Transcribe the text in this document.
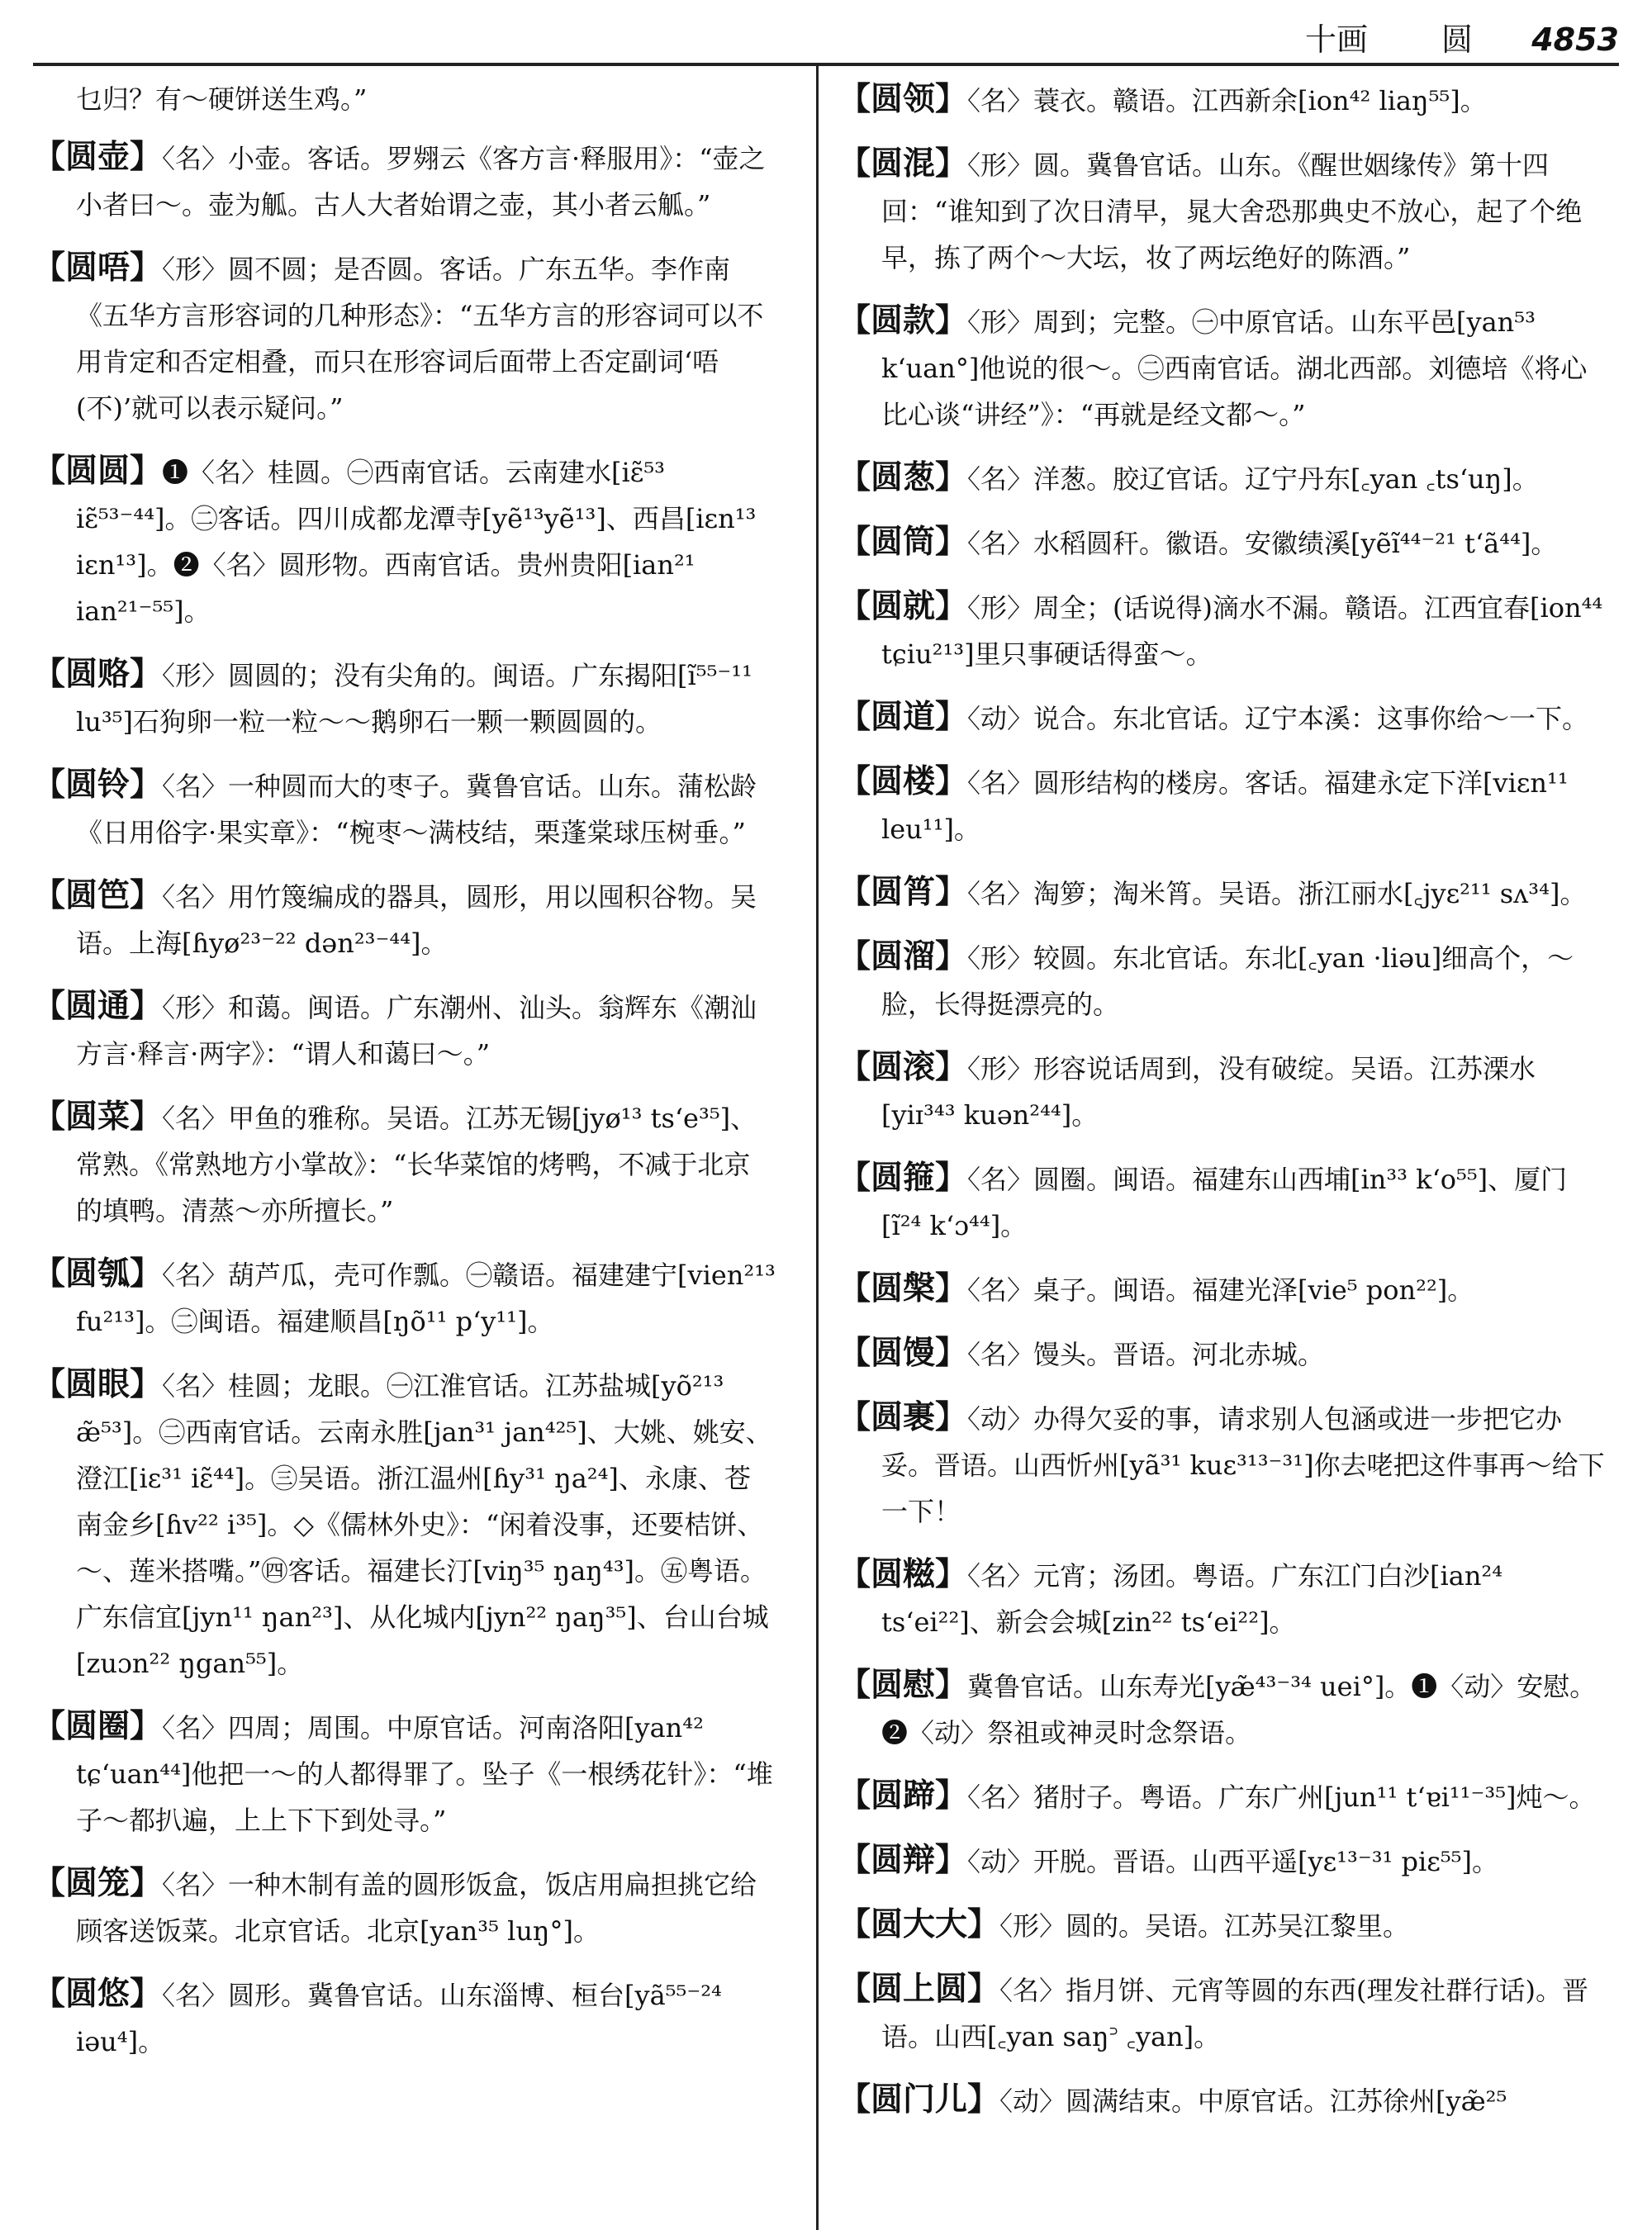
十画 圆 4853

乜归？有～硬饼送生鸡。”

【圆壶】〈名〉小壶。客话。罗翙云《客方言·释服用》：“壶之小者曰～。壶为觚。古人大者始谓之壶，其小者云觚。”

【圆唔】〈形〉圆不圆；是否圆。客话。广东五华。李作南《五华方言形容词的几种形态》：“五华方言的形容词可以不用肯定和否定相叠，而只在形容词后面带上否定副词‘唔(不)’就可以表示疑问。”

【圆圆】❶〈名〉桂圆。㊀西南官话。云南建水[iɛ̃⁵³ iɛ̃⁵³⁻⁴⁴]。㊁客话。四川成都龙潭寺[yẽ¹³yẽ¹³]、西昌[iɛn¹³ iɛn¹³]。❷〈名〉圆形物。西南官话。贵州贵阳[ian²¹ ian²¹⁻⁵⁵]。

【圆赂】〈形〉圆圆的；没有尖角的。闽语。广东揭阳[ĩ⁵⁵⁻¹¹ lu³⁵]石狗卵一粒一粒～～鹅卵石一颗一颗圆圆的。

【圆铃】〈名〉一种圆而大的枣子。冀鲁官话。山东。蒲松龄《日用俗字·果实章》：“椀枣～满枝结，栗蓬棠球压树垂。”

【圆笆】〈名〉用竹篾编成的器具，圆形，用以囤积谷物。吴语。上海[ɦyø²³⁻²² dən²³⁻⁴⁴]。

【圆通】〈形〉和蔼。闽语。广东潮州、汕头。翁辉东《潮汕方言·释言·两字》：“谓人和蔼曰～。”

【圆菜】〈名〉甲鱼的雅称。吴语。江苏无锡[jyø¹³ ts‘e³⁵]、常熟。《常熟地方小掌故》：“长华菜馆的烤鸭，不减于北京的填鸭。清蒸～亦所擅长。”

【圆瓠】〈名〉葫芦瓜，壳可作瓢。㊀赣语。福建建宁[vien²¹³ fu²¹³]。㊁闽语。福建顺昌[ŋõ¹¹ p‘y¹¹]。

【圆眼】〈名〉桂圆；龙眼。㊀江淮官话。江苏盐城[yõ²¹³ æ̃⁵³]。㊁西南官话。云南永胜[jan³¹ jan⁴²⁵]、大姚、姚安、澄江[iɛ³¹ iɛ̃⁴⁴]。㊂吴语。浙江温州[ɦy³¹ ŋa²⁴]、永康、苍南金乡[ɦv²² i³⁵]。◇《儒林外史》：“闲着没事，还要桔饼、～、莲米搭嘴。”㊃客话。福建长汀[viŋ³⁵ ŋaŋ⁴³]。㊄粤语。广东信宜[jyn¹¹ ŋan²³]、从化城内[jyn²² ŋaŋ³⁵]、台山台城[zuɔn²² ŋgan⁵⁵]。

【圆圈】〈名〉四周；周围。中原官话。河南洛阳[yan⁴² tɕ‘uan⁴⁴]他把一～的人都得罪了。坠子《一根绣花针》：“堆子～都扒遍，上上下下到处寻。”

【圆笼】〈名〉一种木制有盖的圆形饭盒，饭店用扁担挑它给顾客送饭菜。北京官话。北京[yan³⁵ luŋ°]。

【圆悠】〈名〉圆形。冀鲁官话。山东淄博、桓台[yã⁵⁵⁻²⁴ iəu⁴]。

【圆领】〈名〉蓑衣。赣语。江西新余[ion⁴² liaŋ⁵⁵]。

【圆混】〈形〉圆。冀鲁官话。山东。《醒世姻缘传》第十四回：“谁知到了次日清早，晁大舍恐那典史不放心，起了个绝早，拣了两个～大坛，妆了两坛绝好的陈酒。”

【圆款】〈形〉周到；完整。㊀中原官话。山东平邑[yan⁵³ k‘uan°]他说的很～。㊁西南官话。湖北西部。刘德培《将心比心谈“讲经”》：“再就是经文都～。”

【圆葱】〈名〉洋葱。胶辽官话。辽宁丹东[꜀yan ꜀ts‘uŋ]。

【圆筒】〈名〉水稻圆秆。徽语。安徽绩溪[yẽĩ⁴⁴⁻²¹ t‘ã⁴⁴]。

【圆就】〈形〉周全；(话说得)滴水不漏。赣语。江西宜春[ion⁴⁴ tɕiu²¹³]里只事硬话得蛮～。

【圆道】〈动〉说合。东北官话。辽宁本溪：这事你给～一下。

【圆楼】〈名〉圆形结构的楼房。客话。福建永定下洋[viɛn¹¹ leu¹¹]。

【圆筲】〈名〉淘箩；淘米筲。吴语。浙江丽水[꜀jyɛ²¹¹ sʌ³⁴]。

【圆溜】〈形〉较圆。东北官话。东北[꜀yan ·liəu]细高个，～脸，长得挺漂亮的。

【圆滚】〈形〉形容说话周到，没有破绽。吴语。江苏溧水[yiɪ³⁴³ kuən²⁴⁴]。

【圆箍】〈名〉圆圈。闽语。福建东山西埔[in³³ k‘o⁵⁵]、厦门[ĩ²⁴ k‘ɔ⁴⁴]。

【圆槃】〈名〉桌子。闽语。福建光泽[vie⁵ pon²²]。

【圆馒】〈名〉馒头。晋语。河北赤城。

【圆裹】〈动〉办得欠妥的事，请求别人包涵或进一步把它办妥。晋语。山西忻州[yã³¹ kuɛ³¹³⁻³¹]你去咾把这件事再～给下一下！

【圆糍】〈名〉元宵；汤团。粤语。广东江门白沙[ian²⁴ ts‘ei²²]、新会会城[zin²² ts‘ei²²]。

【圆慰】冀鲁官话。山东寿光[yæ̃⁴³⁻³⁴ uei°]。❶〈动〉安慰。❷〈动〉祭祖或神灵时念祭语。

【圆蹄】〈名〉猪肘子。粤语。广东广州[jun¹¹ t‘ɐi¹¹⁻³⁵]炖～。

【圆辩】〈动〉开脱。晋语。山西平遥[yɛ¹³⁻³¹ piɛ⁵⁵]。

【圆大大】〈形〉圆的。吴语。江苏吴江黎里。

【圆上圆】〈名〉指月饼、元宵等圆的东西(理发社群行话)。晋语。山西[꜀yan saŋ꜄ ꜀yan]。

【圆门儿】〈动〉圆满结束。中原官话。江苏徐州[yæ̃²⁵
